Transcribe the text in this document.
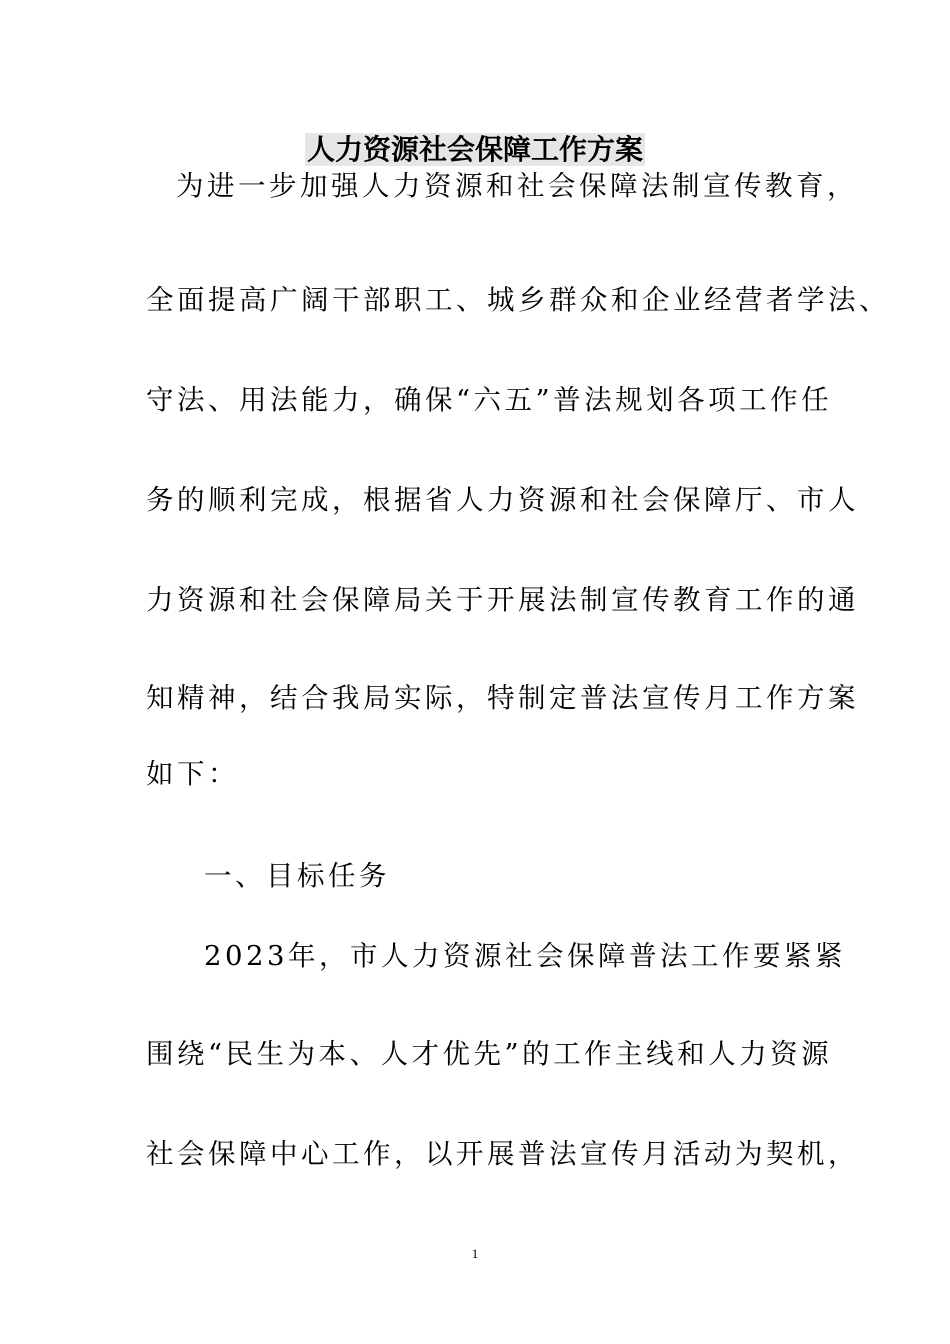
人力资源社会保障工作方案
为进一步加强人力资源和社会保障法制宣传教育，
全面提高广阔干部职工、城乡群众和企业经营者学法、
守法、用法能力，确保“六五”普法规划各项工作任
务的顺利完成，根据省人力资源和社会保障厅、市人
力资源和社会保障局关于开展法制宣传教育工作的通
知精神，结合我局实际，特制定普法宣传月工作方案
如下：
一、目标任务
2023年，市人力资源社会保障普法工作要紧紧
围绕“民生为本、人才优先”的工作主线和人力资源
社会保障中心工作，以开展普法宣传月活动为契机，
1
